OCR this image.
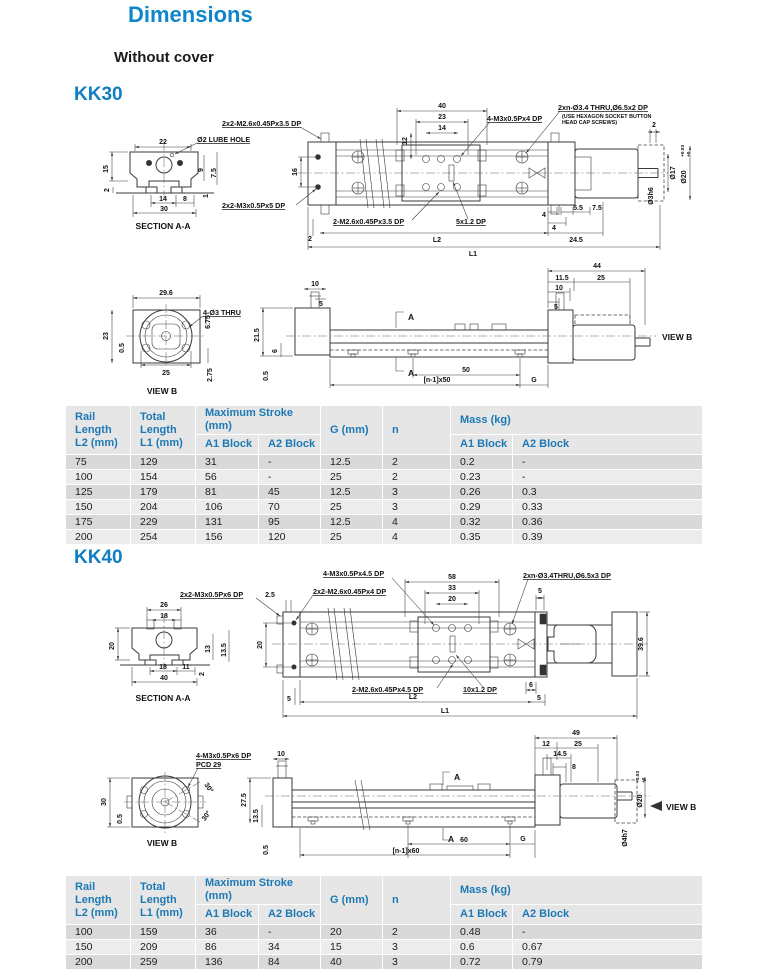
Dimensions
Without cover
KK30
22
15
2
14 8
30
1
9 7.5
Ø2 LUBE HOLE
SECTION A-A
40
23
14
12
4-M3x0.5Px4 DP
2xn-Ø3.4 THRU,Ø6.5x2 DP
(USE HEXAGON SOCKET BUTTON
HEAD CAP SCREWS)	2
16
2x2-M2.6x0.45Px3.5 DP
2x2-M3x0.5Px5 DP
2
2-M2.6x0.45Px3.5 DP	5x1.2 DP
L2
L1
4
4
5.5 7.5
24.5
Ø17 Ø20
+0.03 +0
Ø3h6
29.6
4-Ø3 THRU
23
0.5
25	2.75
6.75
VIEW B
10
5
21.5
6
0.5
A
A	50
[n-1]x50	G
44
11.5	25
10
5
VIEW B
Rail Length
L2 (mm)

Total Length
L1 (mm)
	Maximum Stroke (mm)	G (mm)	n	Mass (kg)
		A1 Block	A2 Block			A1 Block	A2 Block
75	129	31	-	12.5	2	0.2	-
100	154	56	-	25	2	0.23	-
125	179	81	45	12.5	3	0.26	0.3
150	204	106	70	25	3	0.29	0.33
175	229	131	95	12.5	4	0.32	0.36
200	254	156	120	25	4	0.35	0.39
KK40
26
18
20
18 11
2
40
13 13.5
SECTION A-A
2x2-M3x0.5Px6 DP	2.5	2x2-M2.6x0.45Px4 DP
4-M3x0.5Px4.5 DP	58
33
20
2xn-Ø3.4THRU,Ø6.5x3 DP
5
39.6
20
5
2-M2.6x0.45Px4.5 DP	10x1.2 DP	6
5
L2
L1
4-M3x0.5Px6 DP
PCD 29
30
0.5
30°
30°
VIEW B
10
27.5
13.5
0.5
A
A 60
[n-1]x60
G
49
12	25
14.5
8
VIEW B
Ø20
+0.03 +0
Ø4h7
Rail Length
L2 (mm)

Total Length
L1 (mm)
	Maximum Stroke (mm)	G (mm)	n	Mass (kg)
		A1 Block	A2 Block			A1 Block	A2 Block
100	159	36	-	20	2	0.48	-
150	209	86	34	15	3	0.6	0.67
200	259	136	84	40	3	0.72	0.79
